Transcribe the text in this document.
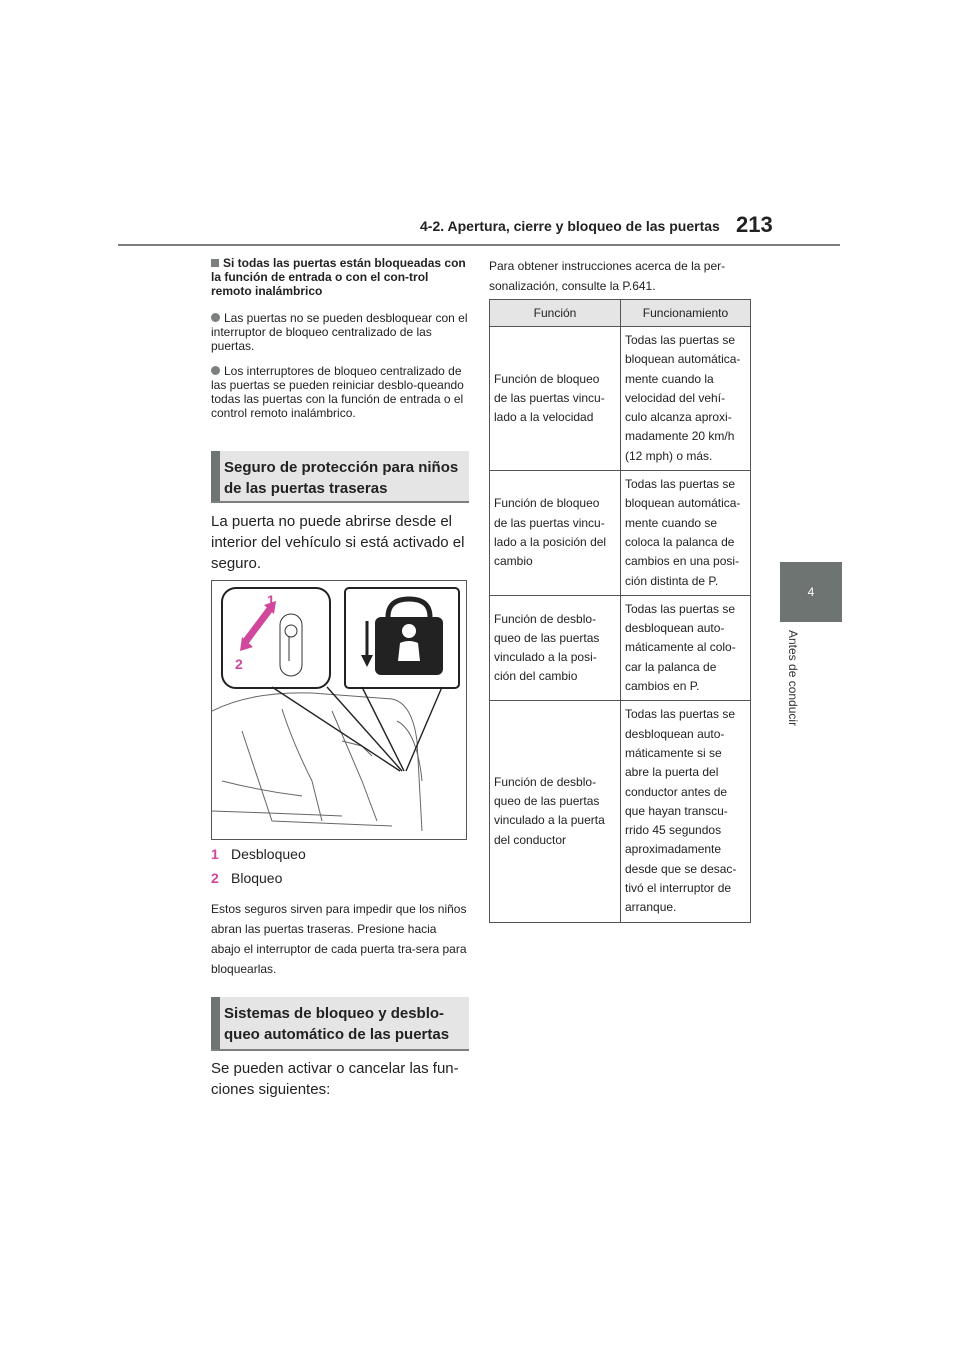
4-2. Apertura, cierre y bloqueo de las puertas 213
4
Antes de conducir
Si todas las puertas están bloqueadas con la función de entrada o con el con-trol remoto inalámbrico
Las puertas no se pueden desbloquear con el interruptor de bloqueo centralizado de las puertas.
Los interruptores de bloqueo centralizado de las puertas se pueden reiniciar desblo-queando todas las puertas con la función de entrada o el control remoto inalámbrico.
Seguro de protección para niños de las puertas traseras
La puerta no puede abrirse desde el interior del vehículo si está activado el seguro.
1
2
1 Desbloqueo
2 Bloqueo
Estos seguros sirven para impedir que los niños abran las puertas traseras. Presione hacia abajo el interruptor de cada puerta tra-sera para bloquearlas.
Sistemas de bloqueo y desblo-queo automático de las puertas
Se pueden activar o cancelar las fun-ciones siguientes:
Para obtener instrucciones acerca de la per-sonalización, consulte la P.641.
Función	Funcionamiento
Función de bloqueo de las puertas vincu-lado a la velocidad	Todas las puertas se bloquean automática-mente cuando la velocidad del vehí-culo alcanza aproxi-madamente 20 km/h (12 mph) o más.
Función de bloqueo de las puertas vincu-lado a la posición del cambio	Todas las puertas se bloquean automática-mente cuando se coloca la palanca de cambios en una posi-ción distinta de P.
Función de desblo-queo de las puertas vinculado a la posi-ción del cambio	Todas las puertas se desbloquean auto-máticamente al colo-car la palanca de cambios en P.
Función de desblo-queo de las puertas vinculado a la puerta del conductor	Todas las puertas se desbloquean auto-máticamente si se abre la puerta del conductor antes de que hayan transcu-rrido 45 segundos aproximadamente desde que se desac-tivó el interruptor de arranque.
